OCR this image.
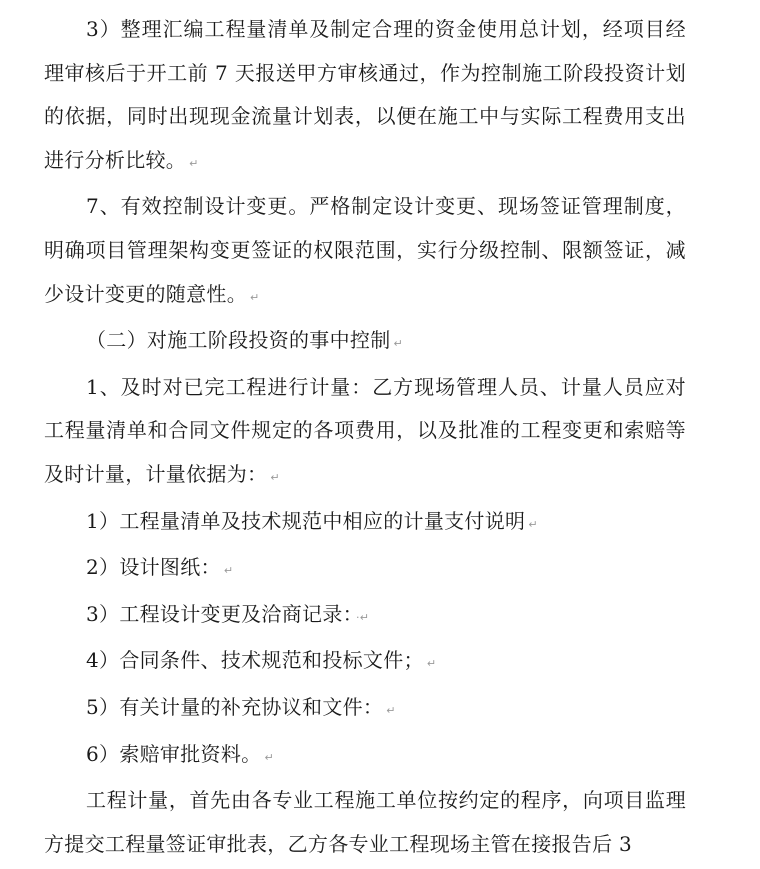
3）整理汇编工程量清单及制定合理的资金使用总计划，经项目经理审核后于开工前 7 天报送甲方审核通过，作为控制施工阶段投资计划的依据，同时出现现金流量计划表，以便在施工中与实际工程费用支出进行分析比较。 ↵

7、有效控制设计变更。严格制定设计变更、现场签证管理制度，明确项目管理架构变更签证的权限范围，实行分级控制、限额签证，减少设计变更的随意性。 ↵

（二）对施工阶段投资的事中控制 ↵

1、及时对已完工程进行计量：乙方现场管理人员、计量人员应对工程量清单和合同文件规定的各项费用，以及批准的工程变更和索赔等及时计量，计量依据为： ↵

1）工程量清单及技术规范中相应的计量支付说明 ↵

2）设计图纸： ↵

3）工程设计变更及洽商记录： ·↵

4）合同条件、技术规范和投标文件； ↵

5）有关计量的补充协议和文件： ↵

6）索赔审批资料。 ↵

工程计量，首先由各专业工程施工单位按约定的程序，向项目监理方提交工程量签证审批表，乙方各专业工程现场主管在接报告后 3
